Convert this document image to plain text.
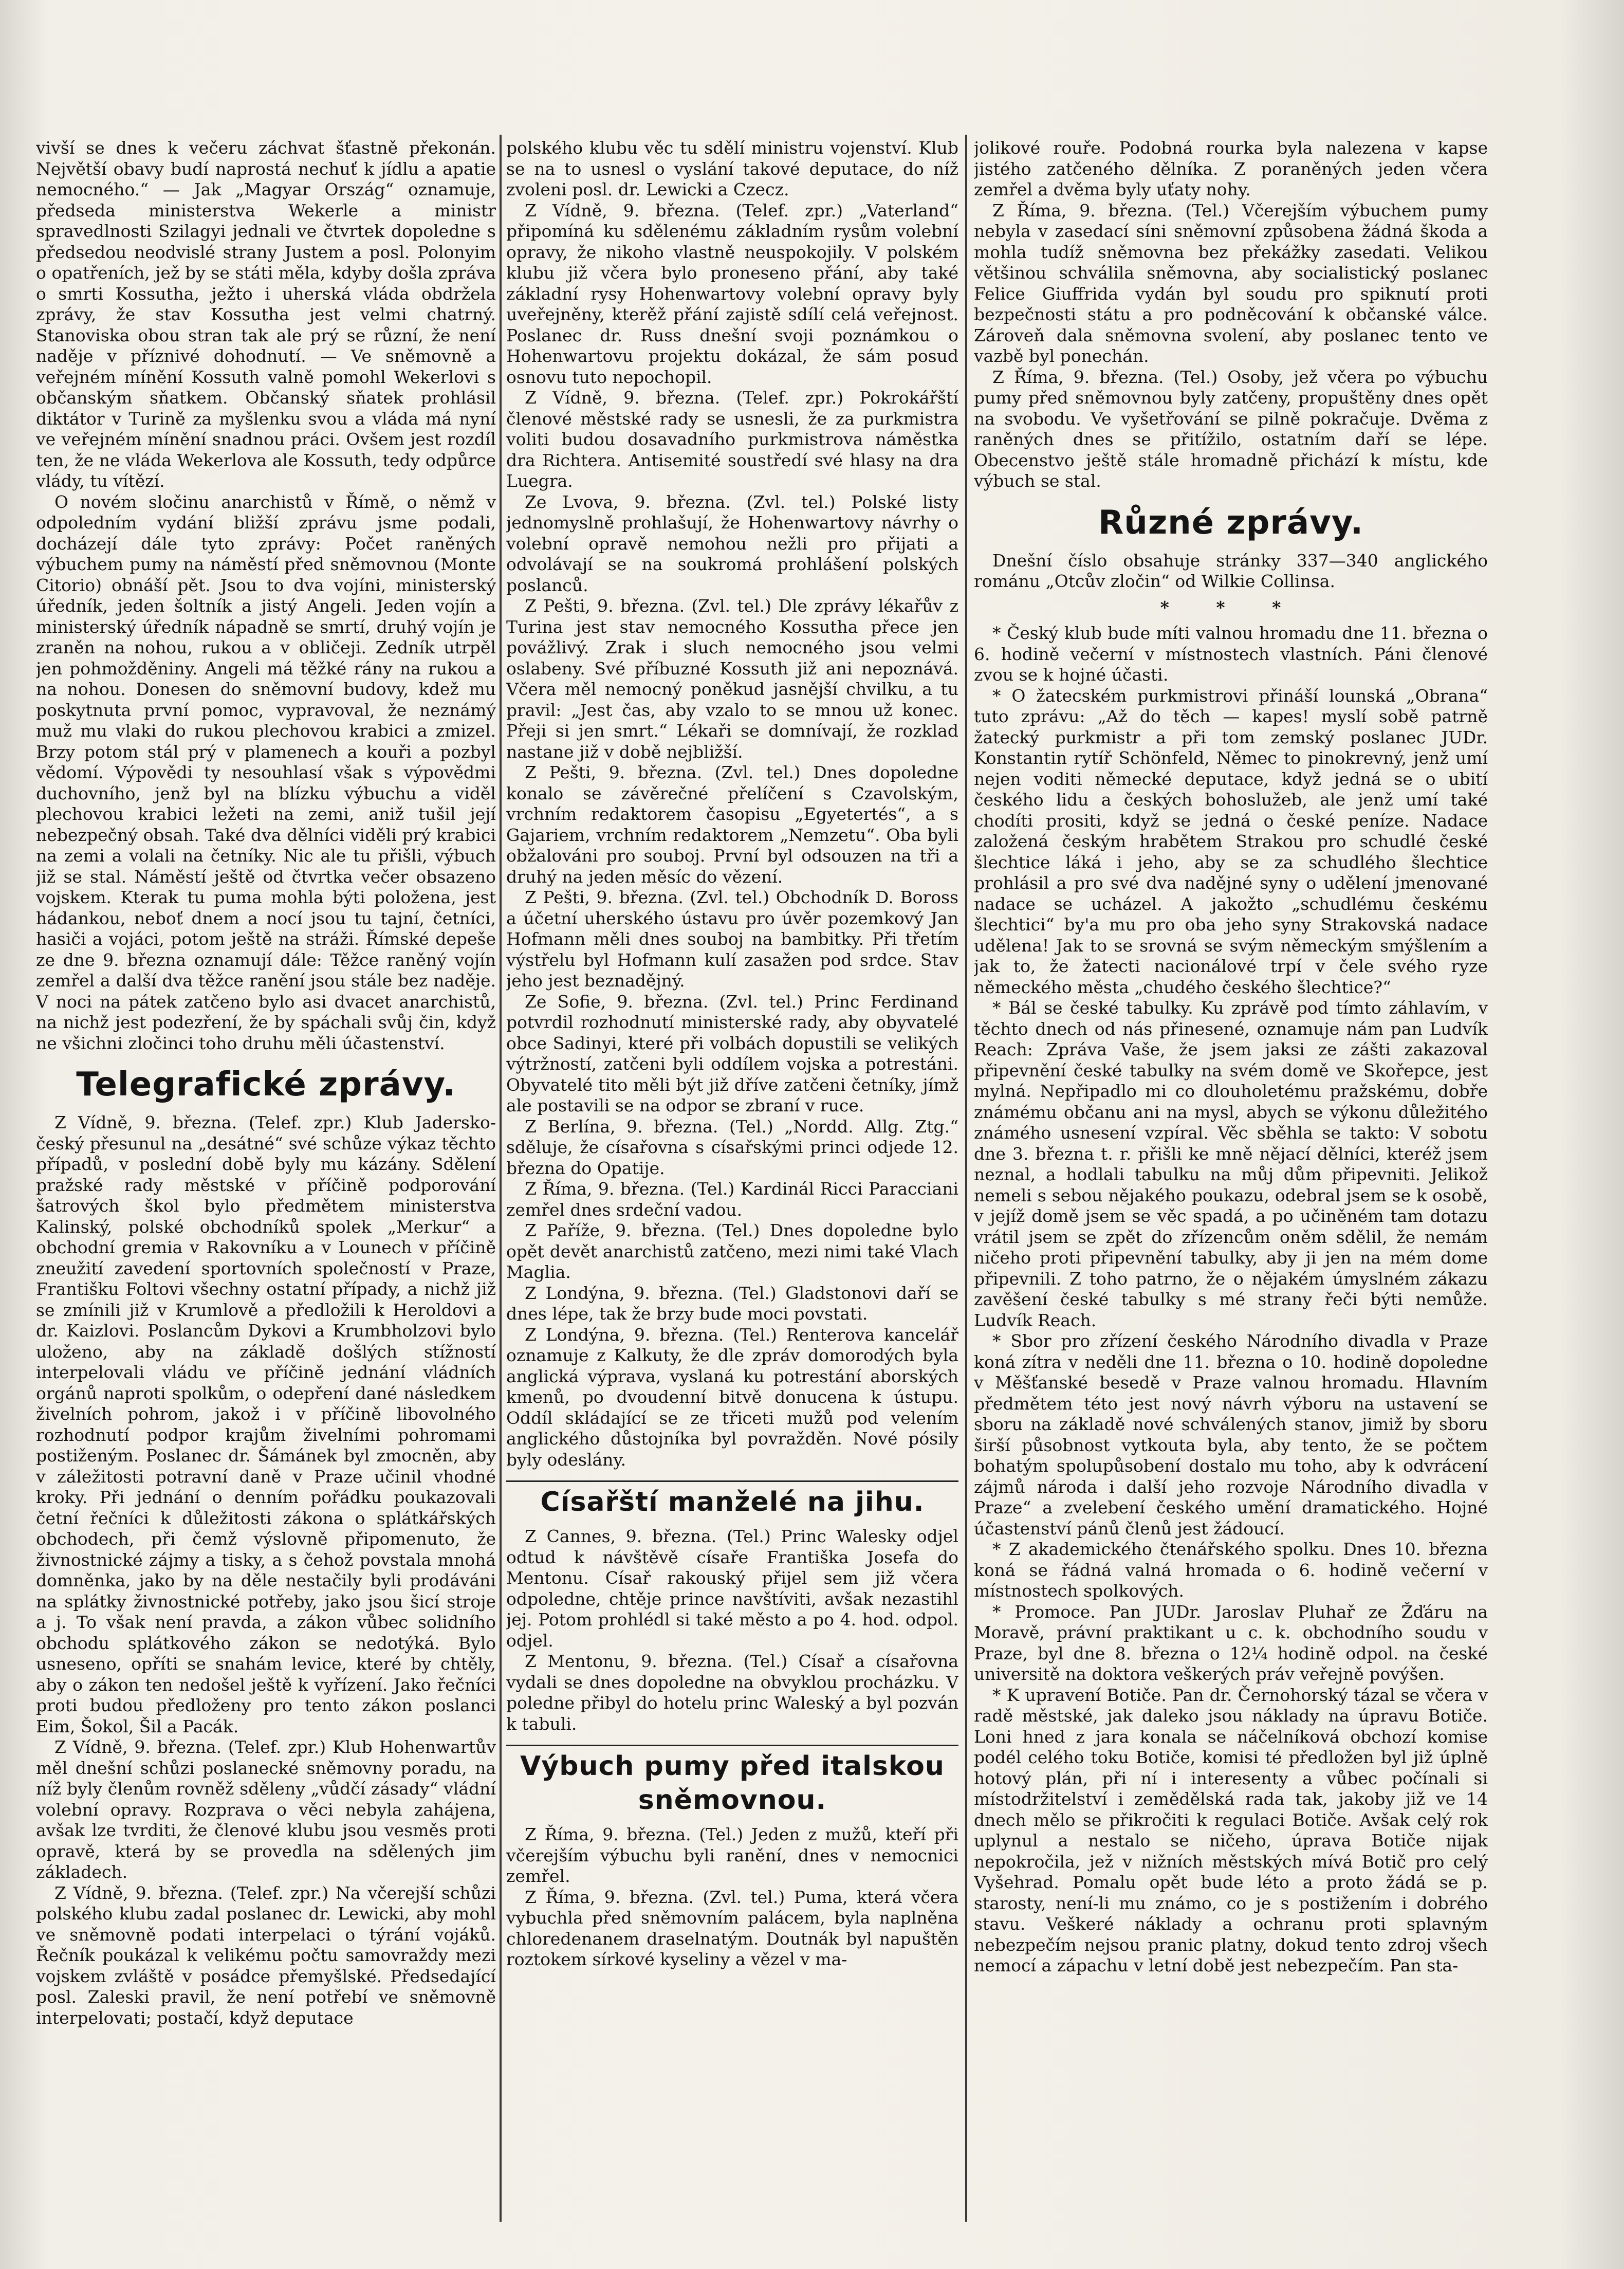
vivší se dnes k večeru záchvat šťastně překonán. Největší obavy budí naprostá nechuť k jídlu a apatie nemocného.“ — Jak „Magyar Ország“ oznamuje, předseda ministerstva Wekerle a ministr spravedlnosti Szilagyi jednali ve čtvrtek dopoledne s předsedou neodvislé strany Justem a posl. Polonyim o opatřeních, jež by se státi měla, kdyby došla zpráva o smrti Kossutha, ježto i uherská vláda obdržela zprávy, že stav Kossutha jest velmi chatrný. Stanoviska obou stran tak ale prý se různí, že není naděje v příznivé dohodnutí. — Ve sněmovně a veřejném mínění Kossuth valně pomohl Wekerlovi s občanským sňatkem. Občanský sňatek prohlásil diktátor v Turině za myšlenku svou a vláda má nyní ve veřejném mínění snadnou práci. Ovšem jest rozdíl ten, že ne vláda Wekerlova ale Kossuth, tedy odpůrce vlády, tu vítězí.

O novém sločinu anarchistů v Římě, o němž v odpoledním vydání bližší zprávu jsme podali, docházejí dále tyto zprávy: Počet raněných výbuchem pumy na náměstí před sněmovnou (Monte Citorio) obnáší pět. Jsou to dva vojíni, ministerský úředník, jeden šoltník a jistý Angeli. Jeden vojín a ministerský úředník nápadně se smrtí, druhý vojín je zraněn na nohou, rukou a v obličeji. Zedník utrpěl jen pohmožděniny. Angeli má těžké rány na rukou a na nohou. Donesen do sněmovní budovy, kdež mu poskytnuta první pomoc, vypravoval, že neznámý muž mu vlaki do rukou plechovou krabici a zmizel. Brzy potom stál prý v plamenech a kouři a pozbyl vědomí. Výpovědi ty nesouhlasí však s výpovědmi duchovního, jenž byl na blízku výbuchu a viděl plechovou krabici ležeti na zemi, aniž tušil její nebezpečný obsah. Také dva dělníci viděli prý krabici na zemi a volali na četníky. Nic ale tu přišli, výbuch již se stal. Náměstí ještě od čtvrtka večer obsazeno vojskem. Kterak tu puma mohla býti položena, jest hádankou, neboť dnem a nocí jsou tu tajní, četníci, hasiči a vojáci, potom ještě na stráži. Římské depeše ze dne 9. března oznamují dále: Těžce raněný vojín zemřel a další dva těžce ranění jsou stále bez naděje. V noci na pátek zatčeno bylo asi dvacet anarchistů, na nichž jest podezření, že by spáchali svůj čin, když ne všichni zločinci toho druhu měli účastenství.

Telegrafické zprávy.

Z Vídně, 9. března. (Telef. zpr.) Klub Jadersko-český přesunul na „desátné“ své schůze výkaz těchto případů, v poslední době byly mu kázány. Sdělení pražské rady městské v příčině podporování šatrových škol bylo předmětem ministerstva Kalinský, polské obchodníků spolek „Merkur“ a obchodní gremia v Rakovníku a v Lounech v příčině zneužití zavedení sportovních společností v Praze, Františku Foltovi všechny ostatní případy, a nichž již se zmínili již v Krumlově a předložili k Heroldovi a dr. Kaizlovi. Poslancům Dykovi a Krumbholzovi bylo uloženo, aby na základě došlých stížností interpelovali vládu ve příčině jednání vládních orgánů naproti spolkům, o odepření dané následkem živelních pohrom, jakož i v příčině libovolného rozhodnutí podpor krajům živelními pohromami postiženým. Poslanec dr. Šámánek byl zmocněn, aby v záležitosti potravní daně v Praze učinil vhodné kroky. Při jednání o denním pořádku poukazovali četní řečníci k důležitosti zákona o splátkářských obchodech, při čemž výslovně připomenuto, že živnostnické zájmy a tisky, a s čehož povstala mnohá domněnka, jako by na děle nestačily byli prodáváni na splátky živnostnické potřeby, jako jsou šicí stroje a j. To však není pravda, a zákon vůbec solidního obchodu splátkového zákon se nedotýká. Bylo usneseno, opříti se snahám levice, které by chtěly, aby o zákon ten nedošel ještě k vyřízení. Jako řečníci proti budou předloženy pro tento zákon poslanci Eim, Šokol, Šil a Pacák.

Z Vídně, 9. března. (Telef. zpr.) Klub Hohenwartův měl dnešní schůzi poslanecké sněmovny poradu, na níž byly členům rovněž sděleny „vůdčí zásady“ vládní volební opravy. Rozprava o věci nebyla zahájena, avšak lze tvrditi, že členové klubu jsou vesměs proti opravě, která by se provedla na sdělených jim základech.

Z Vídně, 9. března. (Telef. zpr.) Na včerejší schůzi polského klubu zadal poslanec dr. Lewicki, aby mohl ve sněmovně podati interpelaci o týrání vojáků. Řečník poukázal k velikému počtu samovraždy mezi vojskem zvláště v posádce přemyšlské. Předsedající posl. Zaleski pravil, že není potřebí ve sněmovně interpelovati; postačí, když deputace

polského klubu věc tu sdělí ministru vojenství. Klub se na to usnesl o vyslání takové deputace, do níž zvoleni posl. dr. Lewicki a Czecz.

Z Vídně, 9. března. (Telef. zpr.) „Vaterland“ připomíná ku sdělenému základním rysům volební opravy, že nikoho vlastně neuspokojily. V polském klubu již včera bylo proneseno přání, aby také základní rysy Hohenwartovy volební opravy byly uveřejněny, kterěž přání zajistě sdílí celá veřejnost. Poslanec dr. Russ dnešní svoji poznámkou o Hohenwartovu projektu dokázal, že sám posud osnovu tuto nepochopil.

Z Vídně, 9. března. (Telef. zpr.) Pokrokářští členové městské rady se usnesli, že za purkmistra voliti budou dosavadního purkmistrova náměstka dra Richtera. Antisemité soustředí své hlasy na dra Luegra.

Ze Lvova, 9. března. (Zvl. tel.) Polské listy jednomyslně prohlašují, že Hohenwartovy návrhy o volební opravě nemohou nežli pro přijati a odvolávají se na soukromá prohlášení polských poslanců.

Z Pešti, 9. března. (Zvl. tel.) Dle zprávy lékařův z Turina jest stav nemocného Kossutha přece jen povážlivý. Zrak i sluch nemocného jsou velmi oslabeny. Své příbuzné Kossuth již ani nepoznává. Včera měl nemocný poněkud jasnější chvilku, a tu pravil: „Jest čas, aby vzalo to se mnou už konec. Přeji si jen smrt.“ Lékaři se domnívají, že rozklad nastane již v době nejbližší.

Z Pešti, 9. března. (Zvl. tel.) Dnes dopoledne konalo se závěrečné přelíčení s Czavolským, vrchním redaktorem časopisu „Egyetertés“, a s Gajariem, vrchním redaktorem „Nemzetu“. Oba byli obžalováni pro souboj. První byl odsouzen na tři a druhý na jeden měsíc do vězení.

Z Pešti, 9. března. (Zvl. tel.) Obchodník D. Boross a účetní uherského ústavu pro úvěr pozemkový Jan Hofmann měli dnes souboj na bambitky. Při třetím výstřelu byl Hofmann kulí zasažen pod srdce. Stav jeho jest beznadějný.

Ze Sofie, 9. března. (Zvl. tel.) Princ Ferdinand potvrdil rozhodnutí ministerské rady, aby obyvatelé obce Sadinyi, které při volbách dopustili se velikých výtržností, zatčeni byli oddílem vojska a potrestáni. Obyvatelé tito měli být již dříve zatčeni četníky, jímž ale postavili se na odpor se zbraní v ruce.

Z Berlína, 9. března. (Tel.) „Nordd. Allg. Ztg.“ sděluje, že císařovna s císařskými princi odjede 12. března do Opatije.

Z Říma, 9. března. (Tel.) Kardinál Ricci Paracciani zemřel dnes srdeční vadou.

Z Paříže, 9. března. (Tel.) Dnes dopoledne bylo opět devět anarchistů zatčeno, mezi nimi také Vlach Maglia.

Z Londýna, 9. března. (Tel.) Gladstonovi daří se dnes lépe, tak že brzy bude moci povstati.

Z Londýna, 9. března. (Tel.) Renterova kancelář oznamuje z Kalkuty, že dle zpráv domorodých byla anglická výprava, vyslaná ku potrestání aborských kmenů, po dvoudenní bitvě donucena k ústupu. Oddíl skládající se ze třiceti mužů pod velením anglického důstojníka byl povražděn. Nové pósily byly odeslány.

Císařští manželé na jihu.

Z Cannes, 9. března. (Tel.) Princ Walesky odjel odtud k návštěvě císaře Františka Josefa do Mentonu. Císař rakouský přijel sem již včera odpoledne, chtěje prince navštíviti, avšak nezastihl jej. Potom prohlédl si také město a po 4. hod. odpol. odjel.

Z Mentonu, 9. března. (Tel.) Císař a císařovna vydali se dnes dopoledne na obvyklou procházku. V poledne přibyl do hotelu princ Waleský a byl pozván k tabuli.

Výbuch pumy před italskou sněmovnou.

Z Říma, 9. března. (Tel.) Jeden z mužů, kteří při včerejším výbuchu byli ranění, dnes v nemocnici zemřel.

Z Říma, 9. března. (Zvl. tel.) Puma, která včera vybuchla před sněmovním palácem, byla naplněna chloredenanem draselnatým. Doutnák byl napuštěn roztokem sírkové kyseliny a vězel v ma-

jolikové rouře. Podobná rourka byla nalezena v kapse jistého zatčeného dělníka. Z poraněných jeden včera zemřel a dvěma byly uťaty nohy.

Z Říma, 9. března. (Tel.) Včerejším výbuchem pumy nebyla v zasedací síni sněmovní způsobena žádná škoda a mohla tudíž sněmovna bez překážky zasedati. Velikou většinou schválila sněmovna, aby socialistický poslanec Felice Giuffrida vydán byl soudu pro spiknutí proti bezpečnosti státu a pro podněcování k občanské válce. Zároveň dala sněmovna svolení, aby poslanec tento ve vazbě byl ponechán.

Z Říma, 9. března. (Tel.) Osoby, jež včera po výbuchu pumy před sněmovnou byly zatčeny, propuštěny dnes opět na svobodu. Ve vyšetřování se pilně pokračuje. Dvěma z raněných dnes se přitížilo, ostatním daří se lépe. Obecenstvo ještě stále hromadně přichází k místu, kde výbuch se stal.

Různé zprávy.

Dnešní číslo obsahuje stránky 337—340 anglického románu „Otcův zločin“ od Wilkie Collinsa.

* * *

* Český klub bude míti valnou hromadu dne 11. března o 6. hodině večerní v místnostech vlastních. Páni členové zvou se k hojné účasti.

* O žatecském purkmistrovi přináší lounská „Obrana“ tuto zprávu: „Až do těch — kapes! myslí sobě patrně žatecký purkmistr a při tom zemský poslanec JUDr. Konstantin rytíř Schönfeld, Němec to pinokrevný, jenž umí nejen voditi německé deputace, když jedná se o ubití českého lidu a českých bohoslužeb, ale jenž umí také chodíti prositi, když se jedná o české peníze. Nadace založená českým hrabětem Strakou pro schudlé české šlechtice láká i jeho, aby se za schudlého šlechtice prohlásil a pro své dva nadějné syny o udělení jmenované nadace se ucházel. A jakožto „schudlému českému šlechtici“ by'a mu pro oba jeho syny Strakovská nadace udělena! Jak to se srovná se svým německým smýšlením a jak to, že žatecti nacionálové trpí v čele svého ryze německého města „chudého českého šlechtice?“

* Bál se české tabulky. Ku zprávě pod tímto záhlavím, v těchto dnech od nás přinesené, oznamuje nám pan Ludvík Reach: Zpráva Vaše, že jsem jaksi ze zášti zakazoval připevnění české tabulky na svém domě ve Skořepce, jest mylná. Nepřipadlo mi co dlouholetému pražskému, dobře známému občanu ani na mysl, abych se výkonu důležitého známého usnesení vzpíral. Věc sběhla se takto: V sobotu dne 3. března t. r. přišli ke mně nějací dělníci, kteréž jsem neznal, a hodlali tabulku na můj dům připevniti. Jelikož nemeli s sebou nějakého poukazu, odebral jsem se k osobě, v jejíž domě jsem se věc spadá, a po učiněném tam dotazu vrátil jsem se zpět do zřízencům oněm sdělil, že nemám ničeho proti připevnění tabulky, aby ji jen na mém dome připevnili. Z toho patrno, že o nějakém úmyslném zákazu zavěšení české tabulky s mé strany řeči býti nemůže. Ludvík Reach.

* Sbor pro zřízení českého Národního divadla v Praze koná zítra v neděli dne 11. března o 10. hodině dopoledne v Měšťanské besedě v Praze valnou hromadu. Hlavním předmětem této jest nový návrh výboru na ustavení se sboru na základě nové schválených stanov, jimiž by sboru širší působnost vytkouta byla, aby tento, že se počtem bohatým spolupůsobení dostalo mu toho, aby k odvrácení zájmů národa i další jeho rozvoje Národního divadla v Praze“ a zvelebení českého umění dramatického. Hojné účastenství pánů členů jest žádoucí.

* Z akademického čtenářského spolku. Dnes 10. března koná se řádná valná hromada o 6. hodině večerní v místnostech spolkových.

* Promoce. Pan JUDr. Jaroslav Pluhař ze Žďáru na Moravě, právní praktikant u c. k. obchodního soudu v Praze, byl dne 8. března o 12¼ hodině odpol. na české universitě na doktora veškerých práv veřejně povýšen.

* K upravení Botiče. Pan dr. Černohorský tázal se včera v radě městské, jak daleko jsou náklady na úpravu Botiče. Loni hned z jara konala se náčelníková obchozí komise podél celého toku Botiče, komisi té předložen byl již úplně hotový plán, při ní i interesenty a vůbec počínali si místodržitelství i zemědělská rada tak, jakoby již ve 14 dnech mělo se přikročiti k regulaci Botiče. Avšak celý rok uplynul a nestalo se ničeho, úprava Botiče nijak nepokročila, jež v nižních městských mívá Botič pro celý Vyšehrad. Pomalu opět bude léto a proto žádá se p. starosty, není-li mu známo, co je s postižením i dobrého stavu. Veškeré náklady a ochranu proti splavným nebezpečím nejsou pranic platny, dokud tento zdroj všech nemocí a zápachu v letní době jest nebezpečím. Pan sta-
